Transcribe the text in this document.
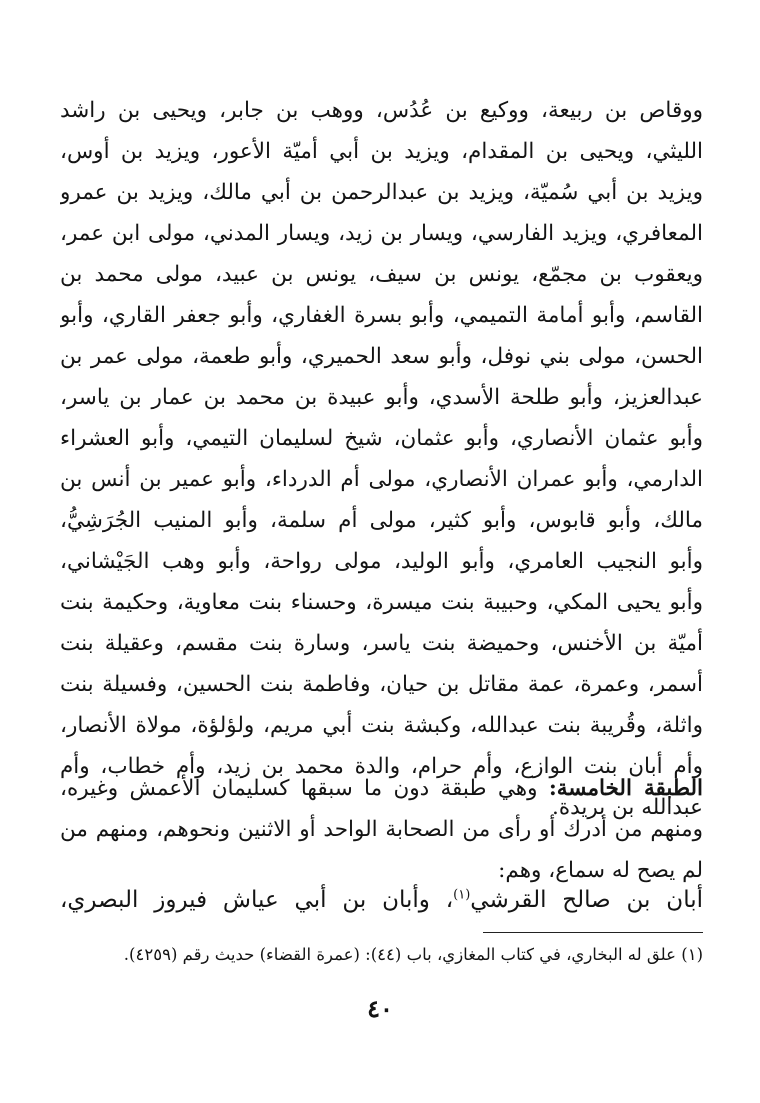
ووقاص بن ربيعة، ووكيع بن عُدُس، ووهب بن جابر، ويحيى بن راشد
الليثي، ويحيى بن المقدام، ويزيد بن أبي أميّة الأعور، ويزيد بن أوس،
ويزيد بن أبي سُميّة، ويزيد بن عبدالرحمن بن أبي مالك، ويزيد بن عمرو
المعافري، ويزيد الفارسي، ويسار بن زيد، ويسار المدني، مولى ابن عمر،
ويعقوب بن مجمّع، يونس بن سيف، يونس بن عبيد، مولى محمد بن
القاسم، وأبو أمامة التميمي، وأبو بسرة الغفاري، وأبو جعفر القاري، وأبو
الحسن، مولى بني نوفل، وأبو سعد الحميري، وأبو طعمة، مولى عمر بن
عبدالعزيز، وأبو طلحة الأسدي، وأبو عبيدة بن محمد بن عمار بن ياسر،
وأبو عثمان الأنصاري، وأبو عثمان، شيخ لسليمان التيمي، وأبو العشراء
الدارمي، وأبو عمران الأنصاري، مولى أم الدرداء، وأبو عمير بن أنس بن
مالك، وأبو قابوس، وأبو كثير، مولى أم سلمة، وأبو المنيب الجُرَشِيُّ،
وأبو النجيب العامري، وأبو الوليد، مولى رواحة، وأبو وهب الجَيْشاني،
وأبو يحيى المكي، وحبيبة بنت ميسرة، وحسناء بنت معاوية، وحكيمة بنت
أميّة بن الأخنس، وحميضة بنت ياسر، وسارة بنت مقسم، وعقيلة بنت
أسمر، وعمرة، عمة مقاتل بن حيان، وفاطمة بنت الحسين، وفسيلة بنت
واثلة، وقُريبة بنت عبدالله، وكبشة بنت أبي مريم، ولؤلؤة، مولاة الأنصار،
وأم أبان بنت الوازع، وأم حرام، والدة محمد بن زيد، وأم خطاب، وأم
عبدالله بن بريدة.
الطبقة الخامسة: وهي طبقة دون ما سبقها كسليمان الأعمش وغيره،
ومنهم من أدرك أو رأى من الصحابة الواحد أو الاثنين ونحوهم، ومنهم من
لم يصح له سماع، وهم:
أبان بن صالح القرشي$^{(١)}$، وأبان بن أبي عياش فيروز البصري،
(١) علق له البخاري، في كتاب المغازي، باب (٤٤): (عمرة القضاء) حديث رقم (٤٢٥٩).
٤٠
